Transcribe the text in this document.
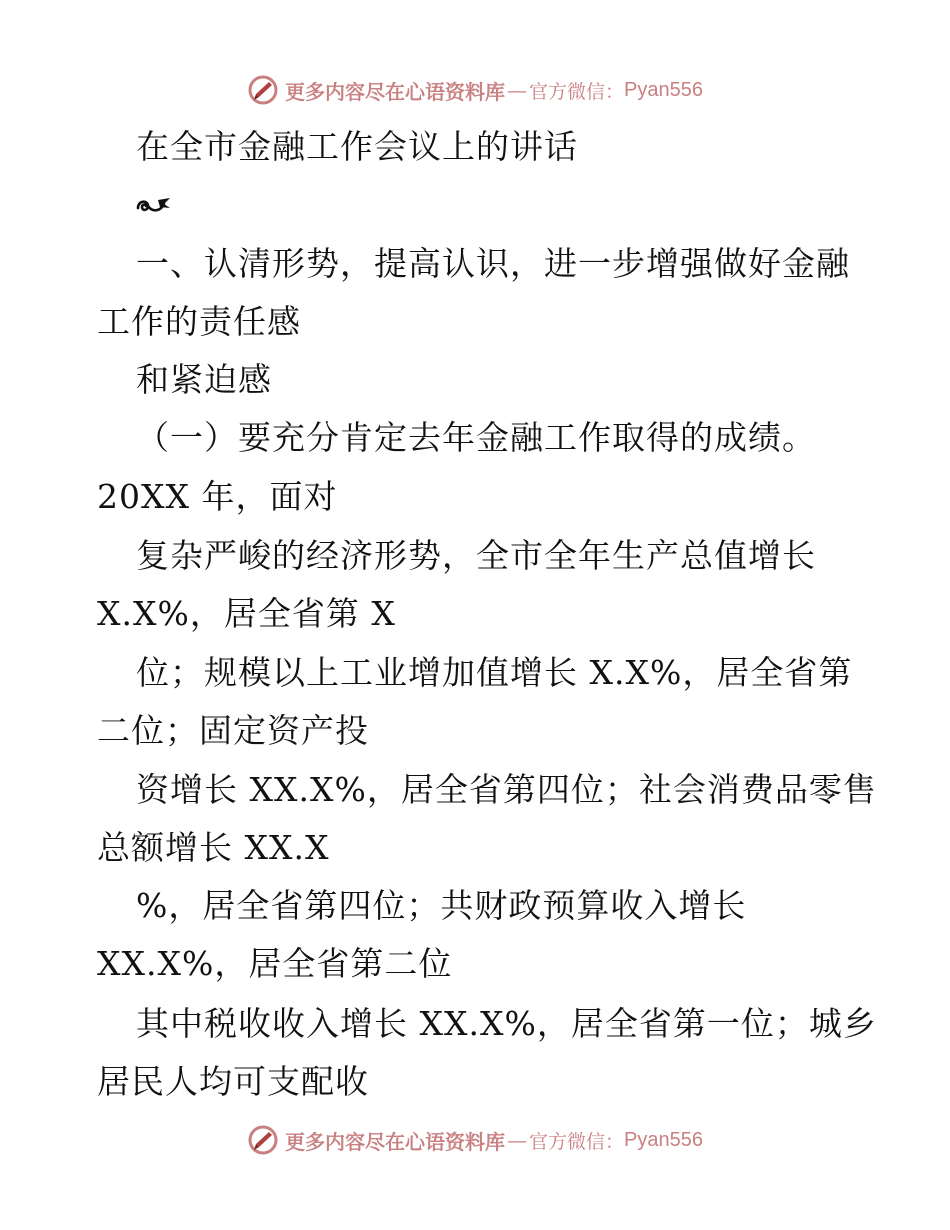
更多内容尽在心语资料库 — 官方微信： Pyan556
在全市金融工作会议上的讲话
一、认清形势，提高认识，进一步增强做好金融
工作的责任感
和紧迫感
（一）要充分肯定去年金融工作取得的成绩。
20XX 年，面对
复杂严峻的经济形势，全市全年生产总值增长
X.X%，居全省第 X
位；规模以上工业增加值增长 X.X%，居全省第
二位；固定资产投
资增长 XX.X%，居全省第四位；社会消费品零售
总额增长 XX.X
%，居全省第四位；共财政预算收入增长
XX.X%，居全省第二位
其中税收收入增长 XX.X%，居全省第一位；城乡
居民人均可支配收
更多内容尽在心语资料库 — 官方微信： Pyan556
